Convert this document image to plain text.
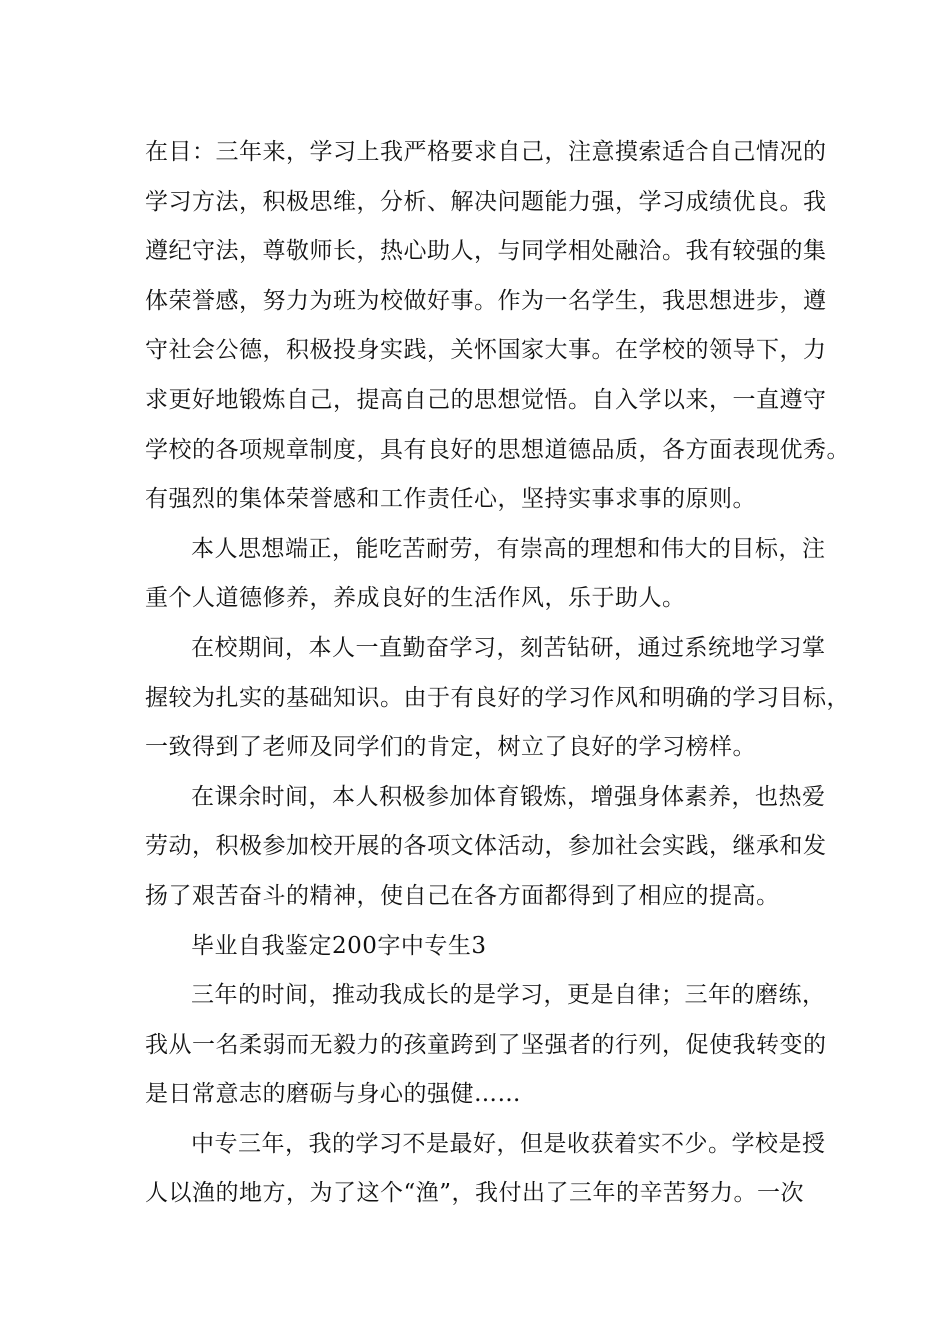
在目：三年来，学习上我严格要求自己，注意摸索适合自己情况的
学习方法，积极思维，分析、解决问题能力强，学习成绩优良。我
遵纪守法，尊敬师长，热心助人，与同学相处融洽。我有较强的集
体荣誉感，努力为班为校做好事。作为一名学生，我思想进步，遵
守社会公德，积极投身实践，关怀国家大事。在学校的领导下，力
求更好地锻炼自己，提高自己的思想觉悟。自入学以来，一直遵守
学校的各项规章制度，具有良好的思想道德品质，各方面表现优秀。
有强烈的集体荣誉感和工作责任心，坚持实事求事的原则。
本人思想端正，能吃苦耐劳，有崇高的理想和伟大的目标，注
重个人道德修养，养成良好的生活作风，乐于助人。
在校期间，本人一直勤奋学习，刻苦钻研，通过系统地学习掌
握较为扎实的基础知识。由于有良好的学习作风和明确的学习目标，
一致得到了老师及同学们的肯定，树立了良好的学习榜样。
在课余时间，本人积极参加体育锻炼，增强身体素养，也热爱
劳动，积极参加校开展的各项文体活动，参加社会实践，继承和发
扬了艰苦奋斗的精神，使自己在各方面都得到了相应的提高。
毕业自我鉴定200字中专生3
三年的时间，推动我成长的是学习，更是自律；三年的磨练，
我从一名柔弱而无毅力的孩童跨到了坚强者的行列，促使我转变的
是日常意志的磨砺与身心的强健……
中专三年，我的学习不是最好，但是收获着实不少。学校是授
人以渔的地方，为了这个“渔”，我付出了三年的辛苦努力。一次
